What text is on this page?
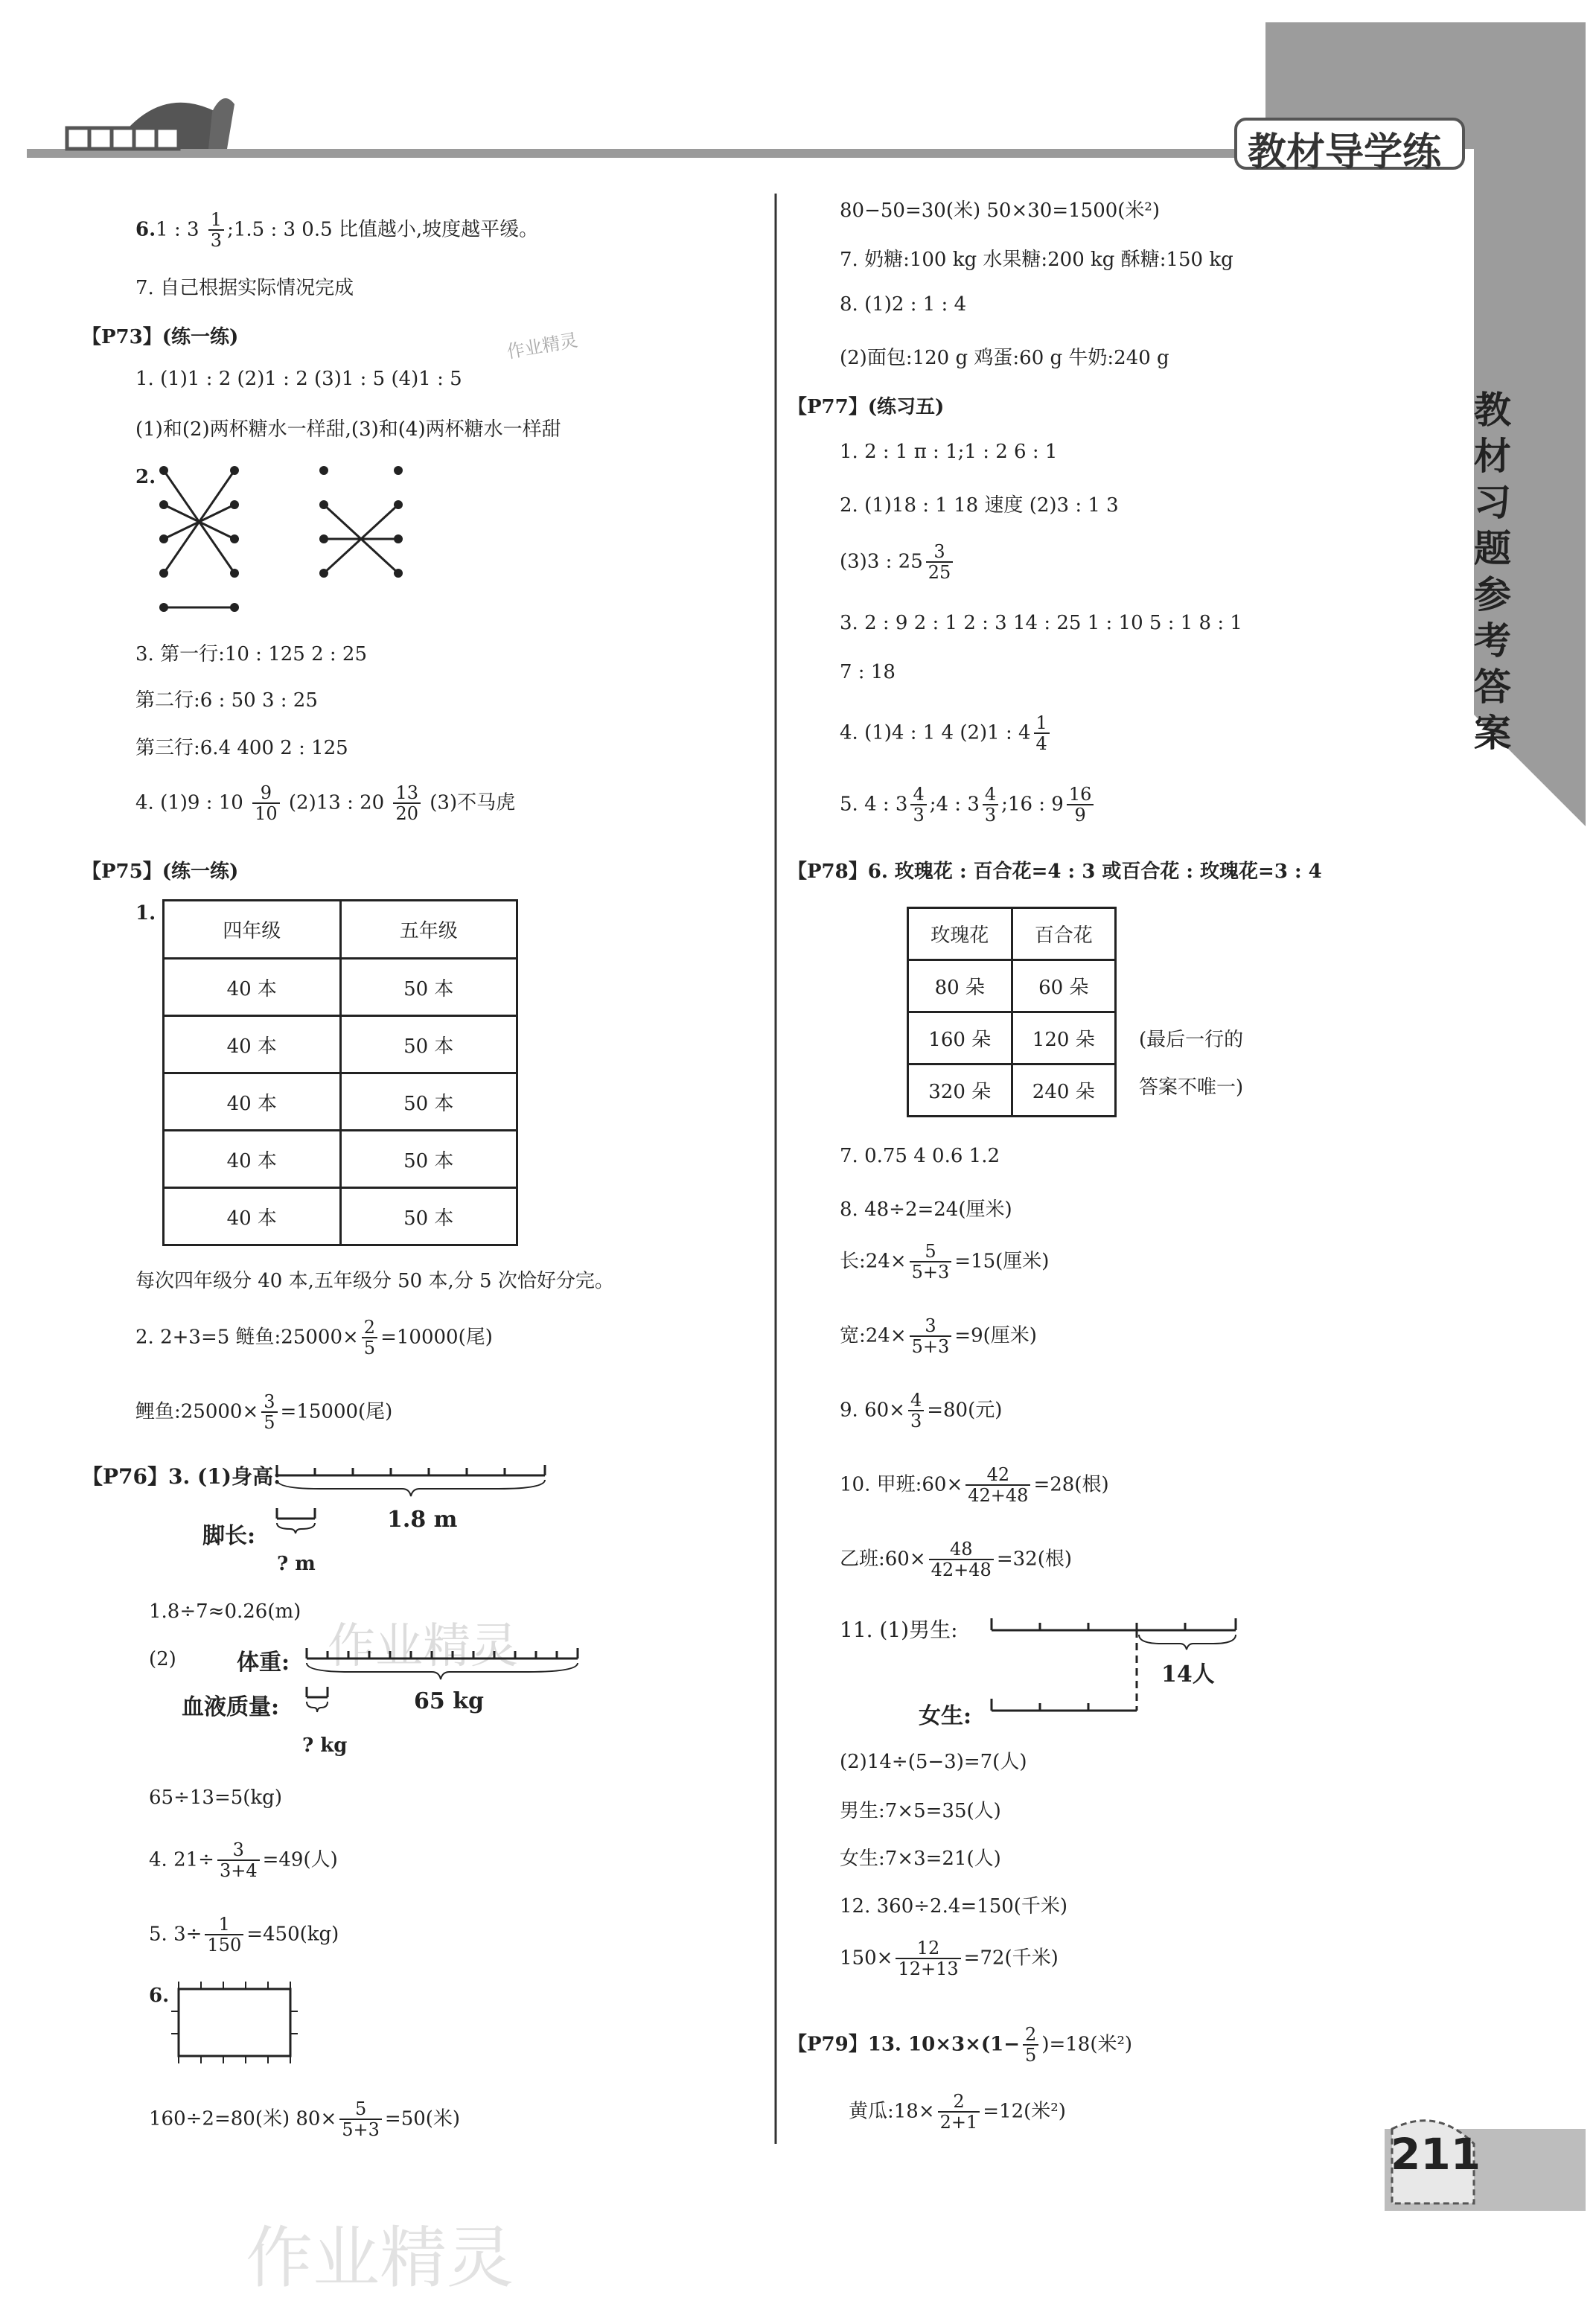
教材导学练
教材习题参考答案
211
作业精灵
作业精灵
作业精灵
6.1 : $3 \frac{1}{3}$ ;1.5 : 3 0.5 比值越小,坡度越平缓。
7. 自己根据实际情况完成
【P73】(练一练)
1. (1)1 : 2 (2)1 : 2 (3)1 : 5 (4)1 : 5
(1)和(2)两杯糖水一样甜,(3)和(4)两杯糖水一样甜
2.
3. 第一行:10 : 125 2 : 25
第二行:6 : 50 3 : 25
第三行:6.4 400 2 : 125
4. (1)9 : $10 \frac{9}{10} (2)13$ : $20 \frac{13}{20} (3)$不马虎
【P75】(练一练)
1.
四年级	五年级
40 本	50 本
40 本	50 本
40 本	50 本
40 本	50 本
40 本	50 本
每次四年级分 40 本,五年级分 50 本,分 5 次恰好分完。
2. 2+3=5 鲢鱼:25000× $\frac{2}{5} =10000$(尾)
鲤鱼:25000× $\frac{3}{5} =15000$(尾)
【P76】3. (1)身高:
脚长:
1.8 m
? m
1.8÷7≈0.26(m)
(2)	体重:
血液质量:	65 kg
? kg
65÷13=5(kg)
4. $21\div \frac{3}{3+4} =49$(人)
5. $3\div \frac{1}{150} =450(kg)$
6.
160÷2=80(米) $80\times \frac{5}{5+3} =50$(米)
80−50=30(米) 50×30=1500(米²)
7. 奶糖:100 kg 水果糖:200 kg 酥糖:150 kg
8. (1)2 : 1 : 4
(2)面包:120 g 鸡蛋:60 g 牛奶:240 g
【P77】(练习五)
1. 2 : 1 π : 1;1 : 2 6 : 1
2. (1)18 : 1 18 速度 (2)3 : 1 3
(3)3 : $25 \frac{3}{25}$
3. 2 : 9 2 : 1 2 : 3 14 : 25 1 : 10 5 : 1 8 : 1
7 : 18
4. (1)4 : 1 4 (2)1 : $4 \frac{1}{4}$
5. 4 : $3 \frac{4}{3}$ ;4 : $3 \frac{4}{3}$ ;16 : $9 \frac{16}{9}$
【P78】6. 玫瑰花 : 百合花=4 : 3 或百合花 : 玫瑰花=3 : 4
玫瑰花	百合花
80 朵	60 朵
160 朵	120 朵
320 朵	240 朵
(最后一行的
答案不唯一)
7. 0.75 4 0.6 1.2
8. 48÷2=24(厘米)
长:24× $\frac{5}{5+3} =15$(厘米)
宽:24× $\frac{3}{5+3} =9$(厘米)
9. $60\times \frac{4}{3} =80$(元)
10. 甲班:60× $\frac{42}{42+48} =28$(根)
乙班:60× $\frac{48}{42+48} =32$(根)
11. (1)男生:
14人
女生:
(2)14÷(5−3)=7(人)
男生:7×5=35(人)
女生:7×3=21(人)
12. 360÷2.4=150(千米)
$150\times \frac{12}{12+13} =72$(千米)
【P79】13. $10\times 3\times(1- \frac{2}{5} )=18$(米²)
黄瓜:18× $\frac{2}{2+1} =12$(米²)
